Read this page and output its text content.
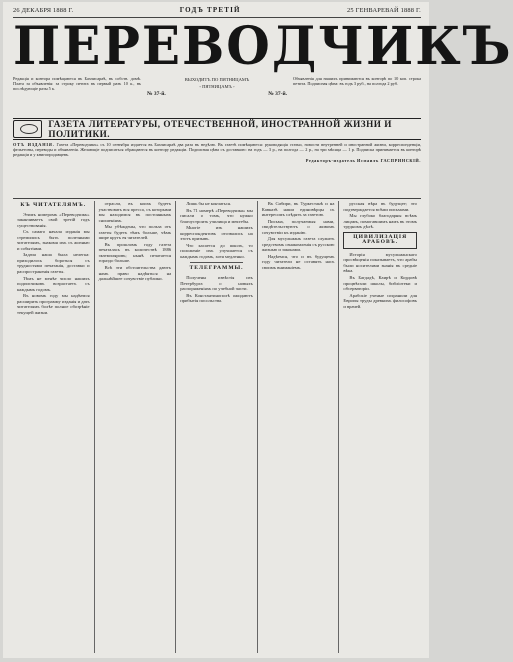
26 ДЕКАБРЯ 1888 Г.	ГОДЪ ТРЕТІЙ	25 ГЕНВАРЕВАЙ 1888 Г.
ПЕРЕВОДЧИКЪ
Редакція и контора помѣщаются въ Бахчисараѣ, въ собств. домѣ. Плата за объявленія: за строку петита въ первый разъ 10 к., въ послѣдующіе разы 5 к.
ВЫХОДИТЪ ПО ПЯТНИЦАМЪ
◦ ПЯТНИЦАМЪ ◦
№ 37-й.	№ 37-й.
Объявленія для нашихъ принимаются въ конторѣ по 10 коп. строка петита. Подписная цѣна: въ годъ 3 руб., на полгода 2 руб.
ГАЗЕТА ЛИТЕРАТУРЫ, ОТЕЧЕСТВЕННОЙ, ИНОСТРАННОЙ ЖИЗНИ И ПОЛИТИКИ.
ОТЪ ИЗДАНІЯ. Газета «Переводчикъ» съ 10 сентября издается въ Бахчисараѣ два раза въ недѣлю. Въ газетѣ помѣщаются: руководящія статьи, новости внутренней и иностранной жизни, корреспонденціи, фельетоны, переводы и объявленія. Желающіе подписаться обращаются въ контору редакціи. Подписная цѣна съ доставкою: на годъ — 3 р., на полгода — 2 р., на три мѣсяца — 1 р. Подписка принимается въ конторѣ редакціи и у книгопродавцевъ.
Редакторъ-издатель Исмаилъ ГАСПРИНСКІЙ.
КЪ ЧИТАТЕЛЯМЪ.

Этимъ номеромъ «Переводчикъ» заканчиваетъ свой третій годъ существованія.

Съ самаго начала изданія мы стремились быть полезными читателямъ, знакомя ихъ съ жизнью и событіями.

Задача наша была нелегка: приходилось бороться съ трудностями печатанія, доставки и распространенія газеты.

Тѣмъ не менѣе число нашихъ подписчиковъ возрастаетъ съ каждымъ годомъ.

Въ новомъ году мы надѣемся расширить программу изданія и дать читателямъ болѣе полное обозрѣніе текущей жизни.

отрасли, въ коихъ будетъ участвовать вся пресса, съ которыми мы находимся въ постоянныхъ сношеніяхъ.

Мы убѣждены, что польза отъ газеты будетъ тѣмъ больше, чѣмъ шире кругъ ея читателей.

Въ прошломъ году газета печаталась въ количествѣ 1886 экземпляровъ; нынѣ печатается гораздо больше.

Всѣ эти обстоятельства даютъ намъ право надѣяться на дальнѣйшее сочувствіе публики.

Лишь бы не кончаться.

Въ 71 номерѣ «Переводчика» мы писали о томъ, что нужно благоустроить училища и мектебы.

Многіе изъ нашихъ корреспондентовъ отозвались на этотъ призывъ.

Что касается до школъ, то положеніе ихъ улучшается съ каждымъ годомъ, хотя медленно.

ТЕЛЕГРАММЫ.

Получены извѣстія изъ Петербурга о новыхъ распоряженіяхъ по учебной части.

Въ Константинополѣ ожидаютъ прибытія посольства.

Въ Сибири, въ Туркестанѣ и на Кавказѣ наши единовѣрцы съ интересомъ слѣдятъ за газетою.

Письма, получаемыя нами, свидѣтельствуютъ о живомъ сочувствіи къ изданію.

Для мусульманъ газета служитъ средствомъ ознакомленія съ русскою жизнью и законами.

Надѣемся, что и въ будущемъ году читатели не оставятъ насъ своимъ вниманіемъ.

русская вѣра въ будущее; это подтверждается всѣми письмами.

Мы глубоко благодарны всѣмъ лицамъ, помогавшимъ намъ въ этомъ трудномъ дѣлѣ.

ЦИВИЛИЗАЦІЯ АРАБОВЪ.

Исторія мусульманскаго просвѣщенія показываетъ, что арабы были носителями знанія въ средніе вѣка.

Въ Багдадѣ, Каирѣ и Кордовѣ процвѣтали школы, библіотеки и обсерваторіи.

Арабскіе ученые сохранили для Европы труды древнихъ философовъ и врачей.
